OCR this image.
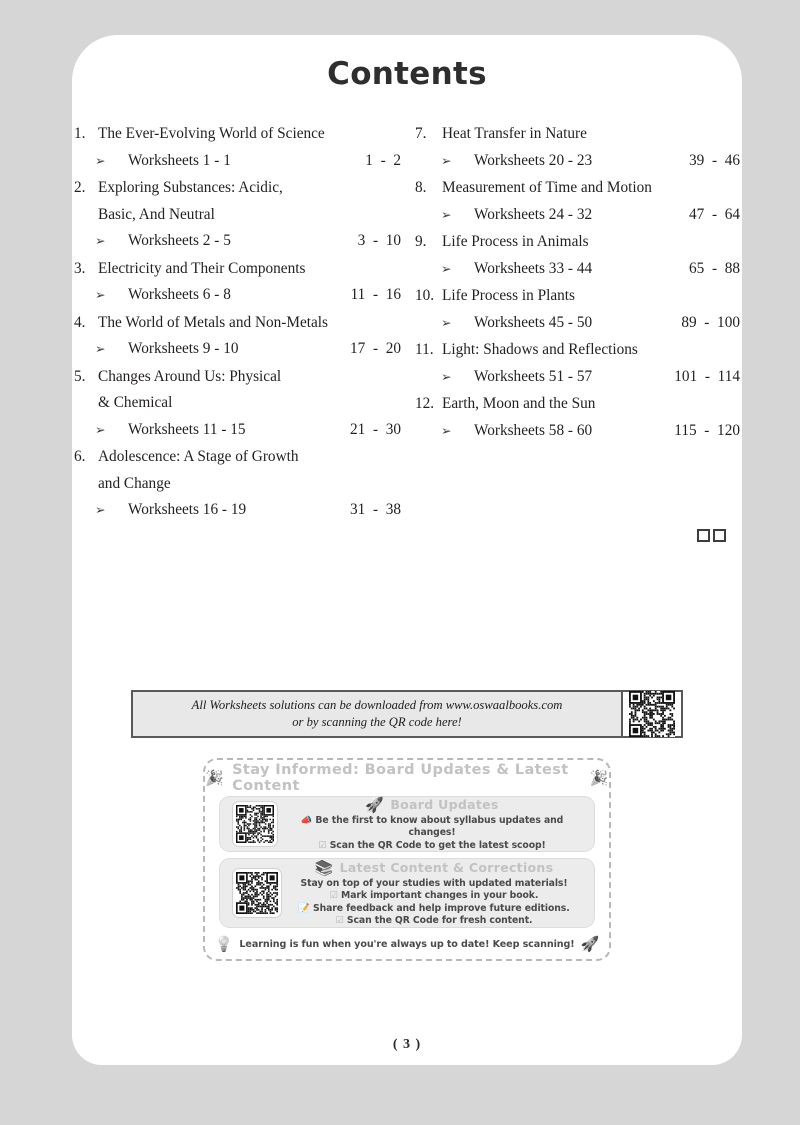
Contents
1. The Ever-Evolving World of Science
➢	Worksheets 1 - 1	1  -  2
2. Exploring Substances: Acidic,
Basic, And Neutral
➢	Worksheets 2 - 5	3  -  10
3. Electricity and Their Components
➢	Worksheets 6 - 8	11  -  16
4. The World of Metals and Non-Metals
➢	Worksheets 9 - 10	17  -  20
5. Changes Around Us: Physical
& Chemical
➢	Worksheets 11 - 15	21  -  30
6. Adolescence: A Stage of Growth
and Change
➢	Worksheets 16 - 19	31  -  38
7.	Heat Transfer in Nature
➢	Worksheets 20 - 23	39  -  46
8.	Measurement of Time and Motion
➢	Worksheets 24 - 32	47  -  64
9.	Life Process in Animals
➢	Worksheets 33 - 44	65  -  88
10. Life Process in Plants
➢	Worksheets 45 - 50	89  -  100
11. Light: Shadows and Reflections
➢	Worksheets 51 - 57	101  -  114
12. Earth, Moon and the Sun
➢	Worksheets 58 - 60	115  -  120
All Worksheets solutions can be downloaded from www.oswaalbooks.com
or by scanning the QR code here!
🎉 Stay Informed: Board Updates & Latest Content	🎉
🚀 Board Updates
📣 Be the first to know about syllabus updates and changes!
☑ Scan the QR Code to get the latest scoop!
📚 Latest Content & Corrections
Stay on top of your studies with updated materials!
☑ Mark important changes in your book.
📝 Share feedback and help improve future editions.
☑ Scan the QR Code for fresh content.
💡 Learning is fun when you're always up to date! Keep scanning! 🚀
( 3 )
